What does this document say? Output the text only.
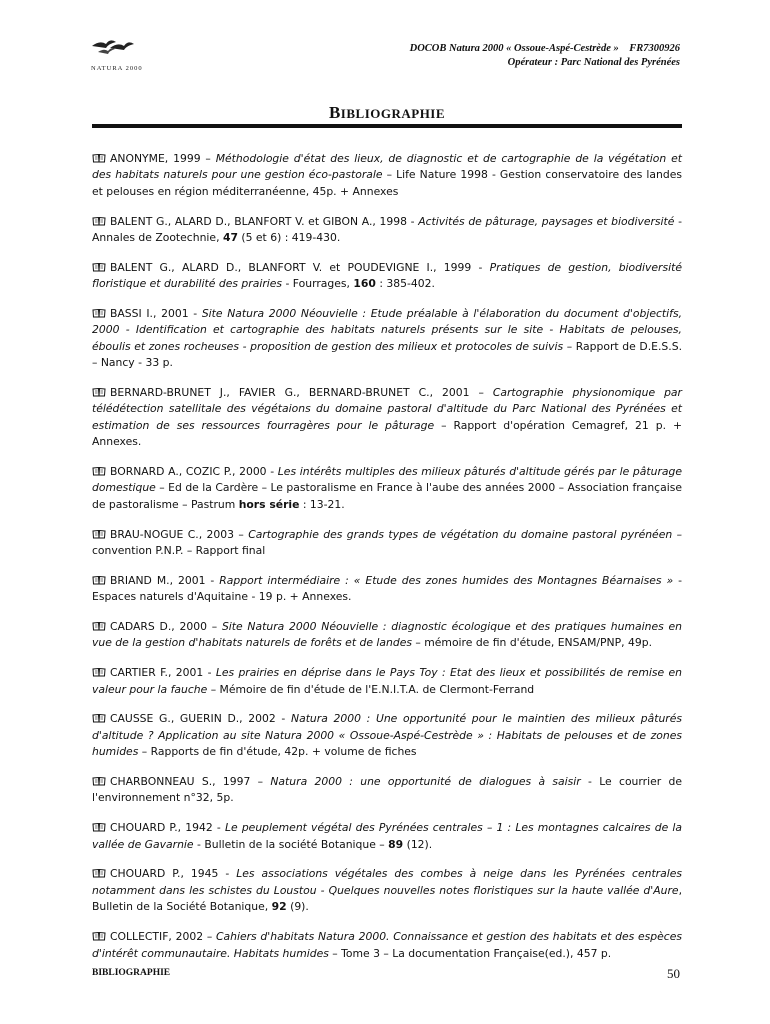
NATURA 2000
DOCOB Natura 2000 « Ossoue-Aspé-Cestrède »    FR7300926
Opérateur : Parc National des Pyrénées
BIBLIOGRAPHIE
ANONYME, 1999 – Méthodologie d'état des lieux, de diagnostic et de cartographie de la végétation et des habitats naturels pour une gestion éco-pastorale – Life Nature 1998 - Gestion conservatoire des landes et pelouses en région méditerranéenne, 45p. + Annexes
BALENT G., ALARD D., BLANFORT V. et GIBON A., 1998 - Activités de pâturage, paysages et biodiversité - Annales de Zootechnie, 47 (5 et 6) : 419-430.
BALENT G., ALARD D., BLANFORT V. et POUDEVIGNE I., 1999 - Pratiques de gestion, biodiversité floristique et durabilité des prairies - Fourrages, 160 : 385-402.
BASSI I., 2001 - Site Natura 2000 Néouvielle : Etude préalable à l'élaboration du document d'objectifs, 2000 - Identification et cartographie des habitats naturels présents sur le site - Habitats de pelouses, éboulis et zones rocheuses - proposition de gestion des milieux et protocoles de suivis – Rapport de D.E.S.S. – Nancy - 33 p.
BERNARD-BRUNET J., FAVIER G., BERNARD-BRUNET C., 2001 – Cartographie physionomique par télédétection satellitale des végétaions du domaine pastoral d'altitude du Parc National des Pyrénées et estimation de ses ressources fourragères pour le pâturage – Rapport d'opération Cemagref, 21 p. + Annexes.
BORNARD A., COZIC P., 2000 - Les intérêts multiples des milieux pâturés d'altitude gérés par le pâturage domestique – Ed de la Cardère – Le pastoralisme en France à l'aube des années 2000 – Association française de pastoralisme – Pastrum hors série : 13-21.
BRAU-NOGUE C., 2003 – Cartographie des grands types de végétation du domaine pastoral pyrénéen – convention P.N.P. – Rapport final
BRIAND M., 2001 - Rapport intermédiaire : « Etude des zones humides des Montagnes Béarnaises » - Espaces naturels d'Aquitaine - 19 p. + Annexes.
CADARS D., 2000 – Site Natura 2000 Néouvielle : diagnostic écologique et des pratiques humaines en vue de la gestion d'habitats naturels de forêts et de landes – mémoire de fin d'étude, ENSAM/PNP, 49p.
CARTIER F., 2001 - Les prairies en déprise dans le Pays Toy : Etat des lieux et possibilités de remise en valeur pour la fauche – Mémoire de fin d'étude de l'E.N.I.T.A. de Clermont-Ferrand
CAUSSE G., GUERIN D., 2002 - Natura 2000 : Une opportunité pour le maintien des milieux pâturés d'altitude ? Application au site Natura 2000 « Ossoue-Aspé-Cestrède » : Habitats de pelouses et de zones humides – Rapports de fin d'étude, 42p. + volume de fiches
CHARBONNEAU S., 1997 – Natura 2000 : une opportunité de dialogues à saisir - Le courrier de l'environnement n°32, 5p.
CHOUARD P., 1942 - Le peuplement végétal des Pyrénées centrales – 1 : Les montagnes calcaires de la vallée de Gavarnie - Bulletin de la société Botanique – 89 (12).
CHOUARD P., 1945 - Les associations végétales des combes à neige dans les Pyrénées centrales notamment dans les schistes du Loustou - Quelques nouvelles notes floristiques sur la haute vallée d'Aure, Bulletin de la Société Botanique, 92 (9).
COLLECTIF, 2002 – Cahiers d'habitats Natura 2000. Connaissance et gestion des habitats et des espèces d'intérêt communautaire. Habitats humides – Tome 3 – La documentation Française(ed.), 457 p.
BIBLIOGRAPHIE	50
